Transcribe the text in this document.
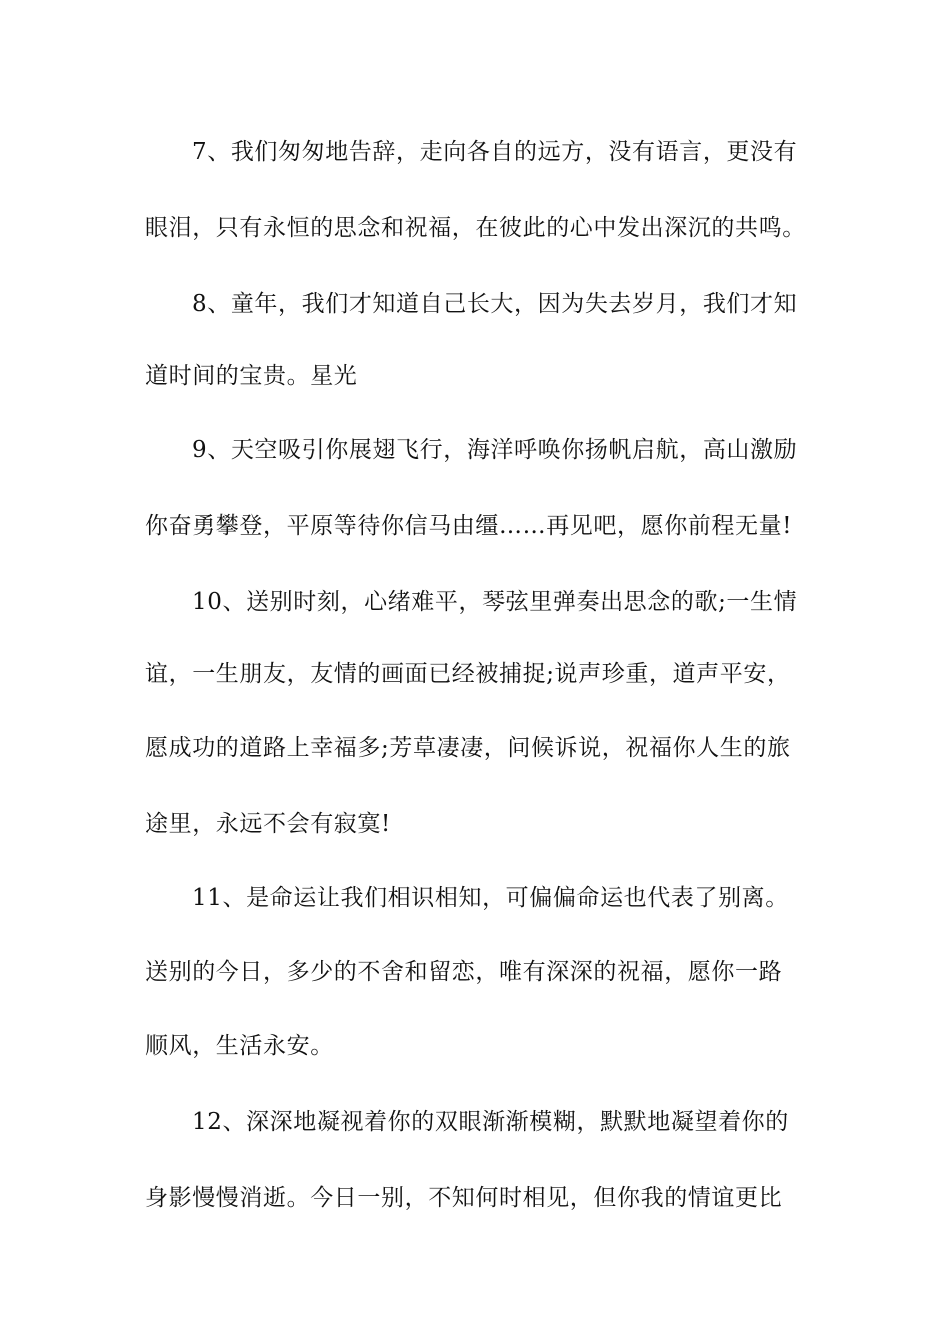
7、我们匆匆地告辞，走向各自的远方，没有语言，更没有
眼泪，只有永恒的思念和祝福，在彼此的心中发出深沉的共鸣。
8、童年，我们才知道自己长大，因为失去岁月，我们才知
道时间的宝贵。星光
9、天空吸引你展翅飞行，海洋呼唤你扬帆启航，高山激励
你奋勇攀登，平原等待你信马由缰……再见吧，愿你前程无量!
10、送别时刻，心绪难平，琴弦里弹奏出思念的歌;一生情
谊，一生朋友，友情的画面已经被捕捉;说声珍重，道声平安，
愿成功的道路上幸福多;芳草凄凄，问候诉说，祝福你人生的旅
途里，永远不会有寂寞!
11、是命运让我们相识相知，可偏偏命运也代表了别离。
送别的今日，多少的不舍和留恋，唯有深深的祝福，愿你一路
顺风，生活永安。
12、深深地凝视着你的双眼渐渐模糊，默默地凝望着你的
身影慢慢消逝。今日一别，不知何时相见，但你我的情谊更比
